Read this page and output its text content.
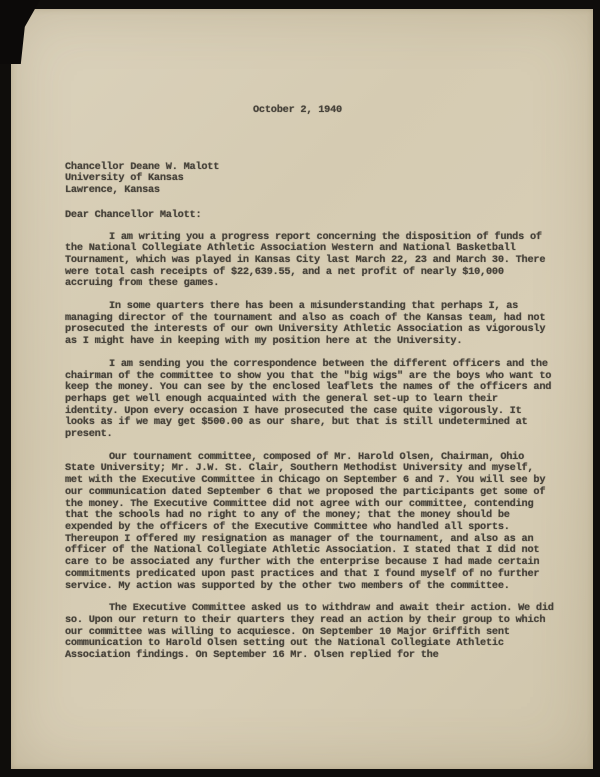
October 2, 1940
Chancellor Deane W. Malott
University of Kansas
Lawrence, Kansas
Dear Chancellor Malott:

I am writing you a progress report concerning the disposition of funds of the National Collegiate Athletic Association Western and National Basketball Tournament, which was played in Kansas City last March 22, 23 and March 30. There were total cash receipts of $22,639.55, and a net profit of nearly $10,000 accruing from these games.

In some quarters there has been a misunderstanding that perhaps I, as managing director of the tournament and also as coach of the Kansas team, had not prosecuted the interests of our own University Athletic Association as vigorously as I might have in keeping with my position here at the University.

I am sending you the correspondence between the different officers and the chairman of the committee to show you that the "big wigs" are the boys who want to keep the money. You can see by the enclosed leaflets the names of the officers and perhaps get well enough acquainted with the general set-up to learn their identity. Upon every occasion I have prosecuted the case quite vigorously. It looks as if we may get $500.00 as our share, but that is still undetermined at present.

Our tournament committee, composed of Mr. Harold Olsen, Chairman, Ohio State University; Mr. J.W. St. Clair, Southern Methodist University and myself, met with the Executive Committee in Chicago on September 6 and 7. You will see by our communication dated September 6 that we proposed the participants get some of the money. The Executive Committee did not agree with our committee, contending that the schools had no right to any of the money; that the money should be expended by the officers of the Executive Committee who handled all sports. Thereupon I offered my resignation as manager of the tournament, and also as an officer of the National Collegiate Athletic Association. I stated that I did not care to be associated any further with the enterprise because I had made certain commitments predicated upon past practices and that I found myself of no further service. My action was supported by the other two members of the committee.

The Executive Committee asked us to withdraw and await their action. We did so. Upon our return to their quarters they read an action by their group to which our committee was willing to acquiesce. On September 10 Major Griffith sent communication to Harold Olsen setting out the National Collegiate Athletic Association findings. On September 16 Mr. Olsen replied for the
